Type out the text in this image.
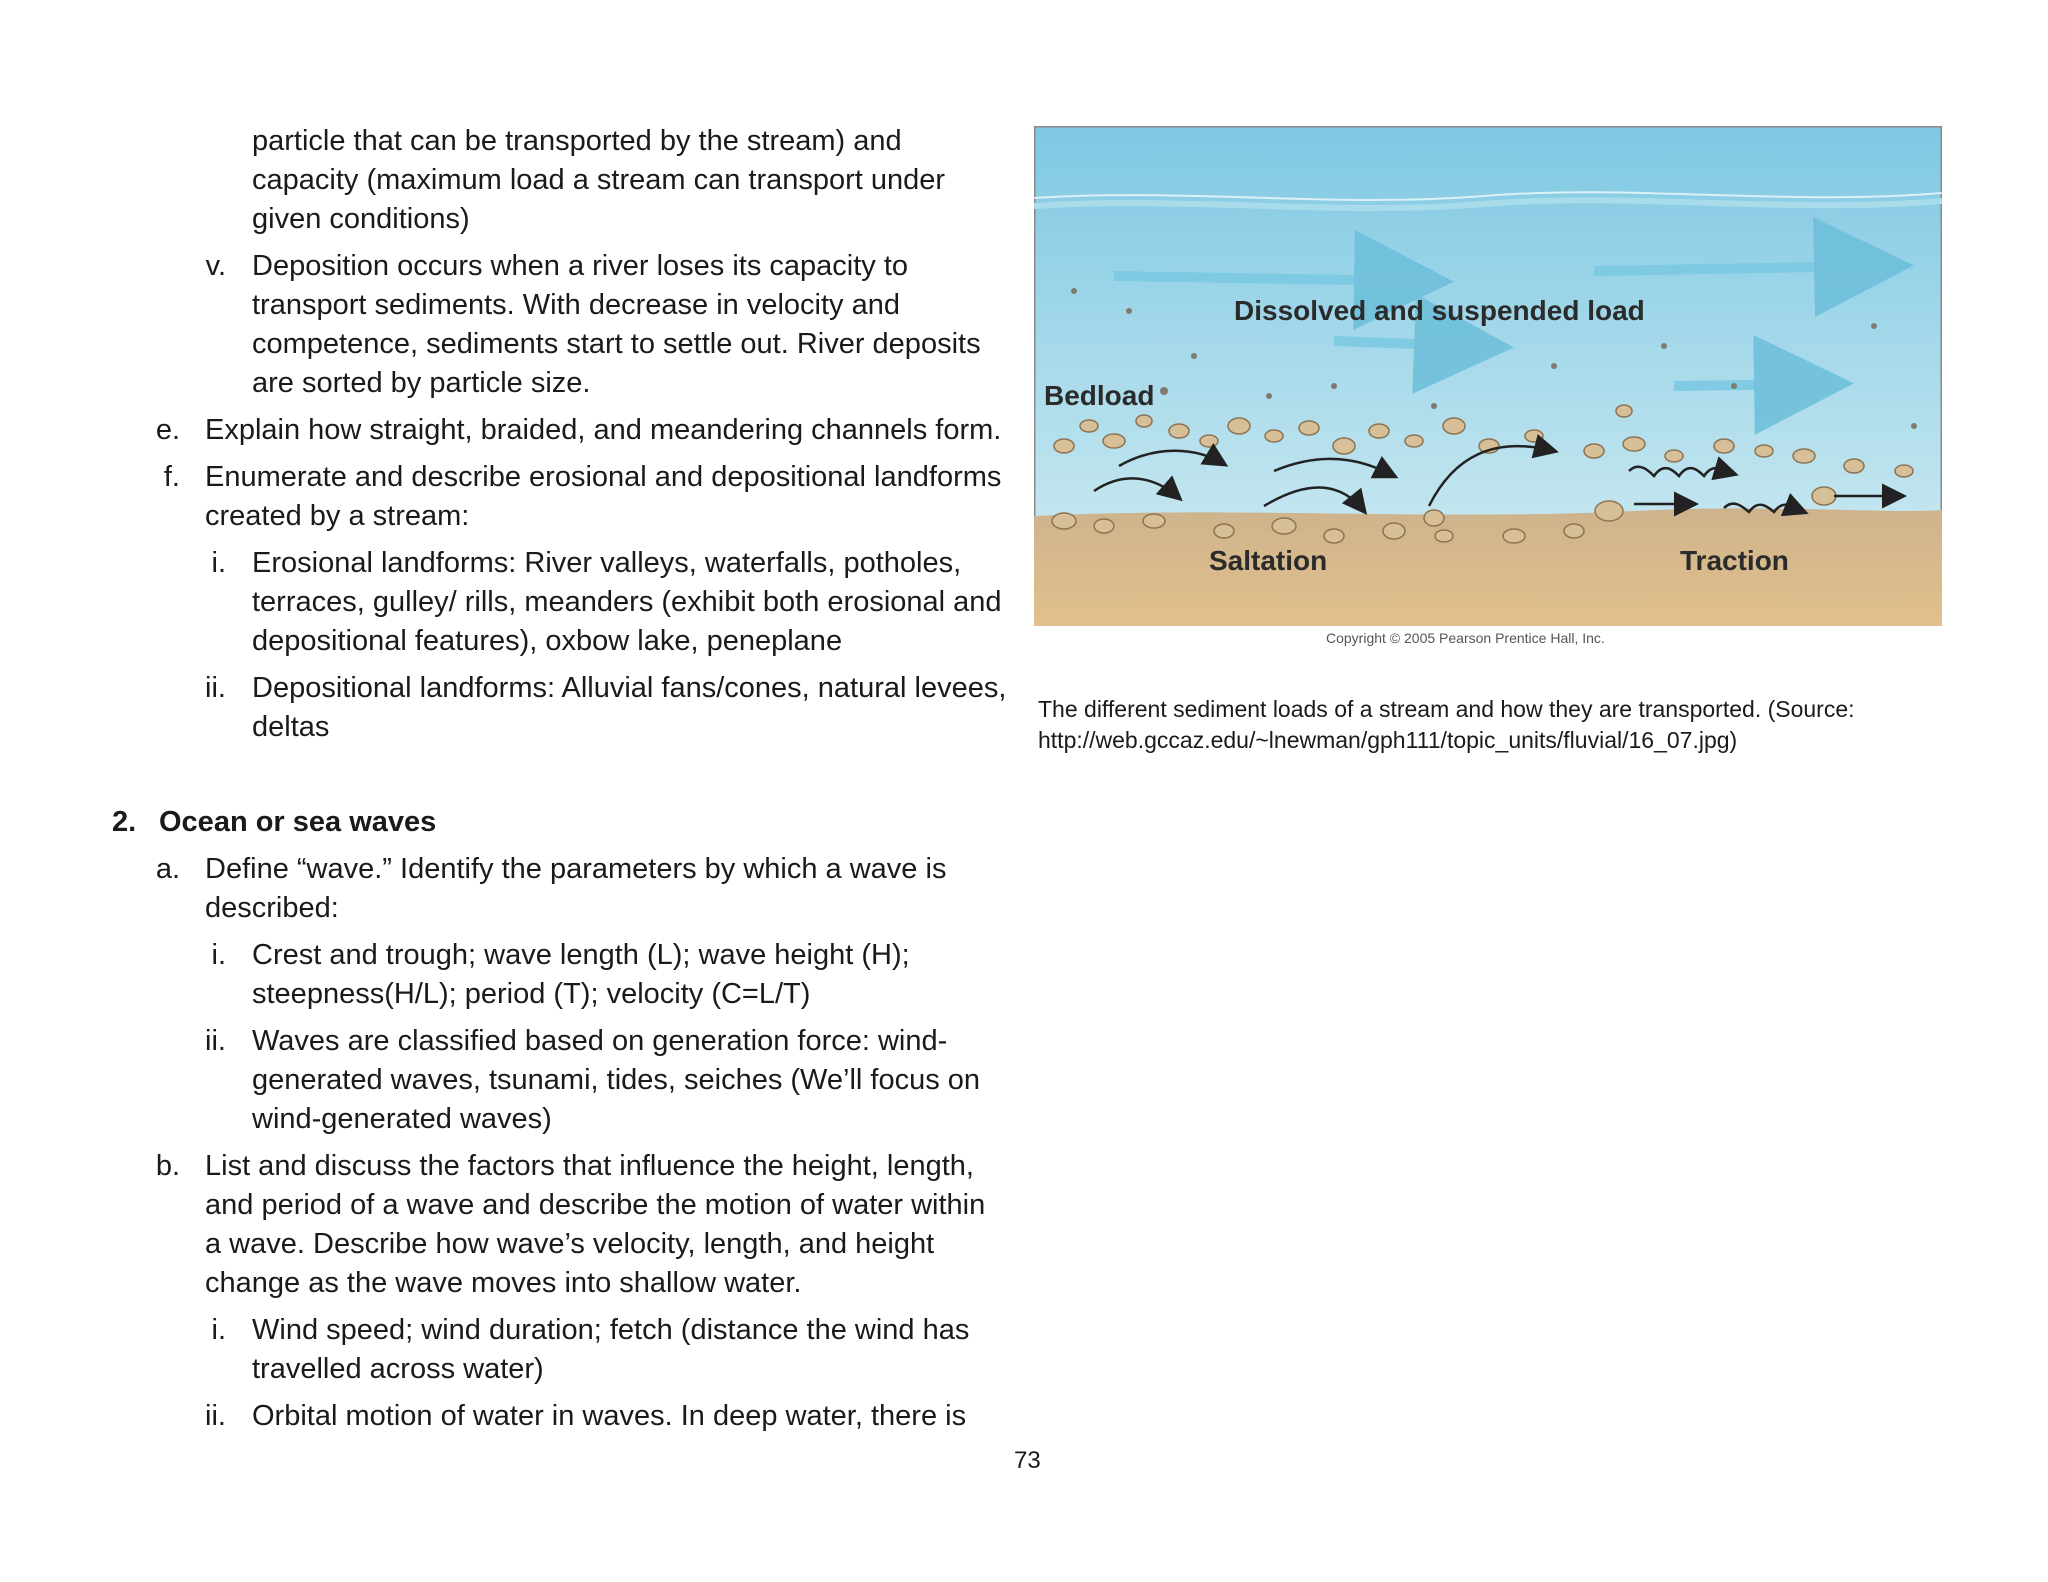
particle that can be transported by the stream) and
capacity (maximum load a stream can transport under
given conditions)
v. Deposition occurs when a river loses its capacity to
transport sediments. With decrease in velocity and
competence, sediments start to settle out. River deposits
are sorted by particle size.
e. Explain how straight, braided, and meandering channels form.
f. Enumerate and describe erosional and depositional landforms
created by a stream:
i. Erosional landforms: River valleys, waterfalls, potholes,
terraces, gulley/ rills, meanders (exhibit both erosional and
depositional features), oxbow lake, peneplane
ii. Depositional landforms: Alluvial fans/cones, natural levees,
deltas
2. Ocean or sea waves
a. Define “wave.” Identify the parameters by which a wave is
described:
i. Crest and trough; wave length (L); wave height (H);
steepness(H/L); period (T); velocity (C=L/T)
ii. Waves are classified based on generation force: wind-
generated waves, tsunami, tides, seiches (We’ll focus on
wind-generated waves)
b. List and discuss the factors that influence the height, length,
and period of a wave and describe the motion of water within
a wave. Describe how wave’s velocity, length, and height
change as the wave moves into shallow water.
i. Wind speed; wind duration; fetch (distance the wind has
travelled across water)
ii. Orbital motion of water in waves. In deep water, there is
Dissolved and suspended load
Bedload
Saltation	Traction
Copyright © 2005 Pearson Prentice Hall, Inc.
The different sediment loads of a stream and how they are transported. (Source:
http://web.gccaz.edu/~lnewman/gph111/topic_units/fluvial/16_07.jpg)
73
